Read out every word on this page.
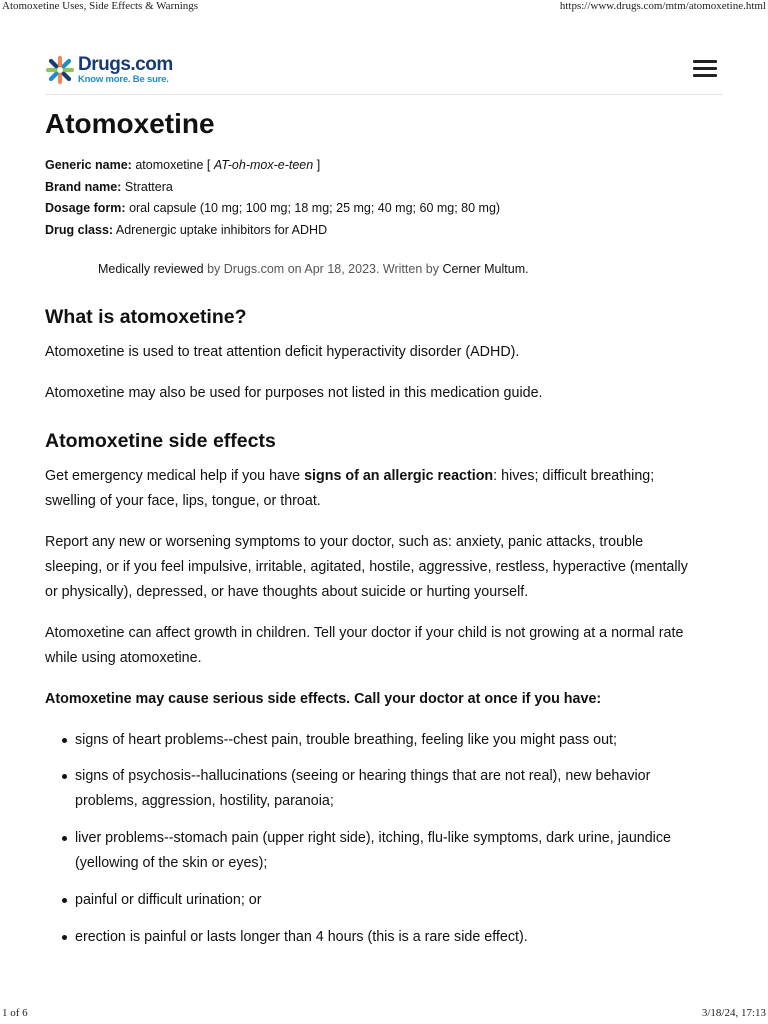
Atomoxetine Uses, Side Effects & Warnings	https://www.drugs.com/mtm/atomoxetine.html
Drugs.com
Know more. Be sure.
Atomoxetine
Generic name: atomoxetine [ AT-oh-mox-e-teen ]
Brand name: Strattera
Dosage form: oral capsule (10 mg; 100 mg; 18 mg; 25 mg; 40 mg; 60 mg; 80 mg)
Drug class: Adrenergic uptake inhibitors for ADHD
Medically reviewed by Drugs.com on Apr 18, 2023. Written by Cerner Multum.
What is atomoxetine?

Atomoxetine is used to treat attention deficit hyperactivity disorder (ADHD).

Atomoxetine may also be used for purposes not listed in this medication guide.

Atomoxetine side effects
Get emergency medical help if you have signs of an allergic reaction: hives; difficult breathing;
swelling of your face, lips, tongue, or throat.
Report any new or worsening symptoms to your doctor, such as: anxiety, panic attacks, trouble
sleeping, or if you feel impulsive, irritable, agitated, hostile, aggressive, restless, hyperactive (mentally
or physically), depressed, or have thoughts about suicide or hurting yourself.
Atomoxetine can affect growth in children. Tell your doctor if your child is not growing at a normal rate
while using atomoxetine.

Atomoxetine may cause serious side effects. Call your doctor at once if you have:

signs of heart problems--chest pain, trouble breathing, feeling like you might pass out;
signs of psychosis--hallucinations (seeing or hearing things that are not real), new behavior
problems, aggression, hostility, paranoia;
liver problems--stomach pain (upper right side), itching, flu-like symptoms, dark urine, jaundice
(yellowing of the skin or eyes);
painful or difficult urination; or
erection is painful or lasts longer than 4 hours (this is a rare side effect).
1 of 6	3/18/24, 17:13
